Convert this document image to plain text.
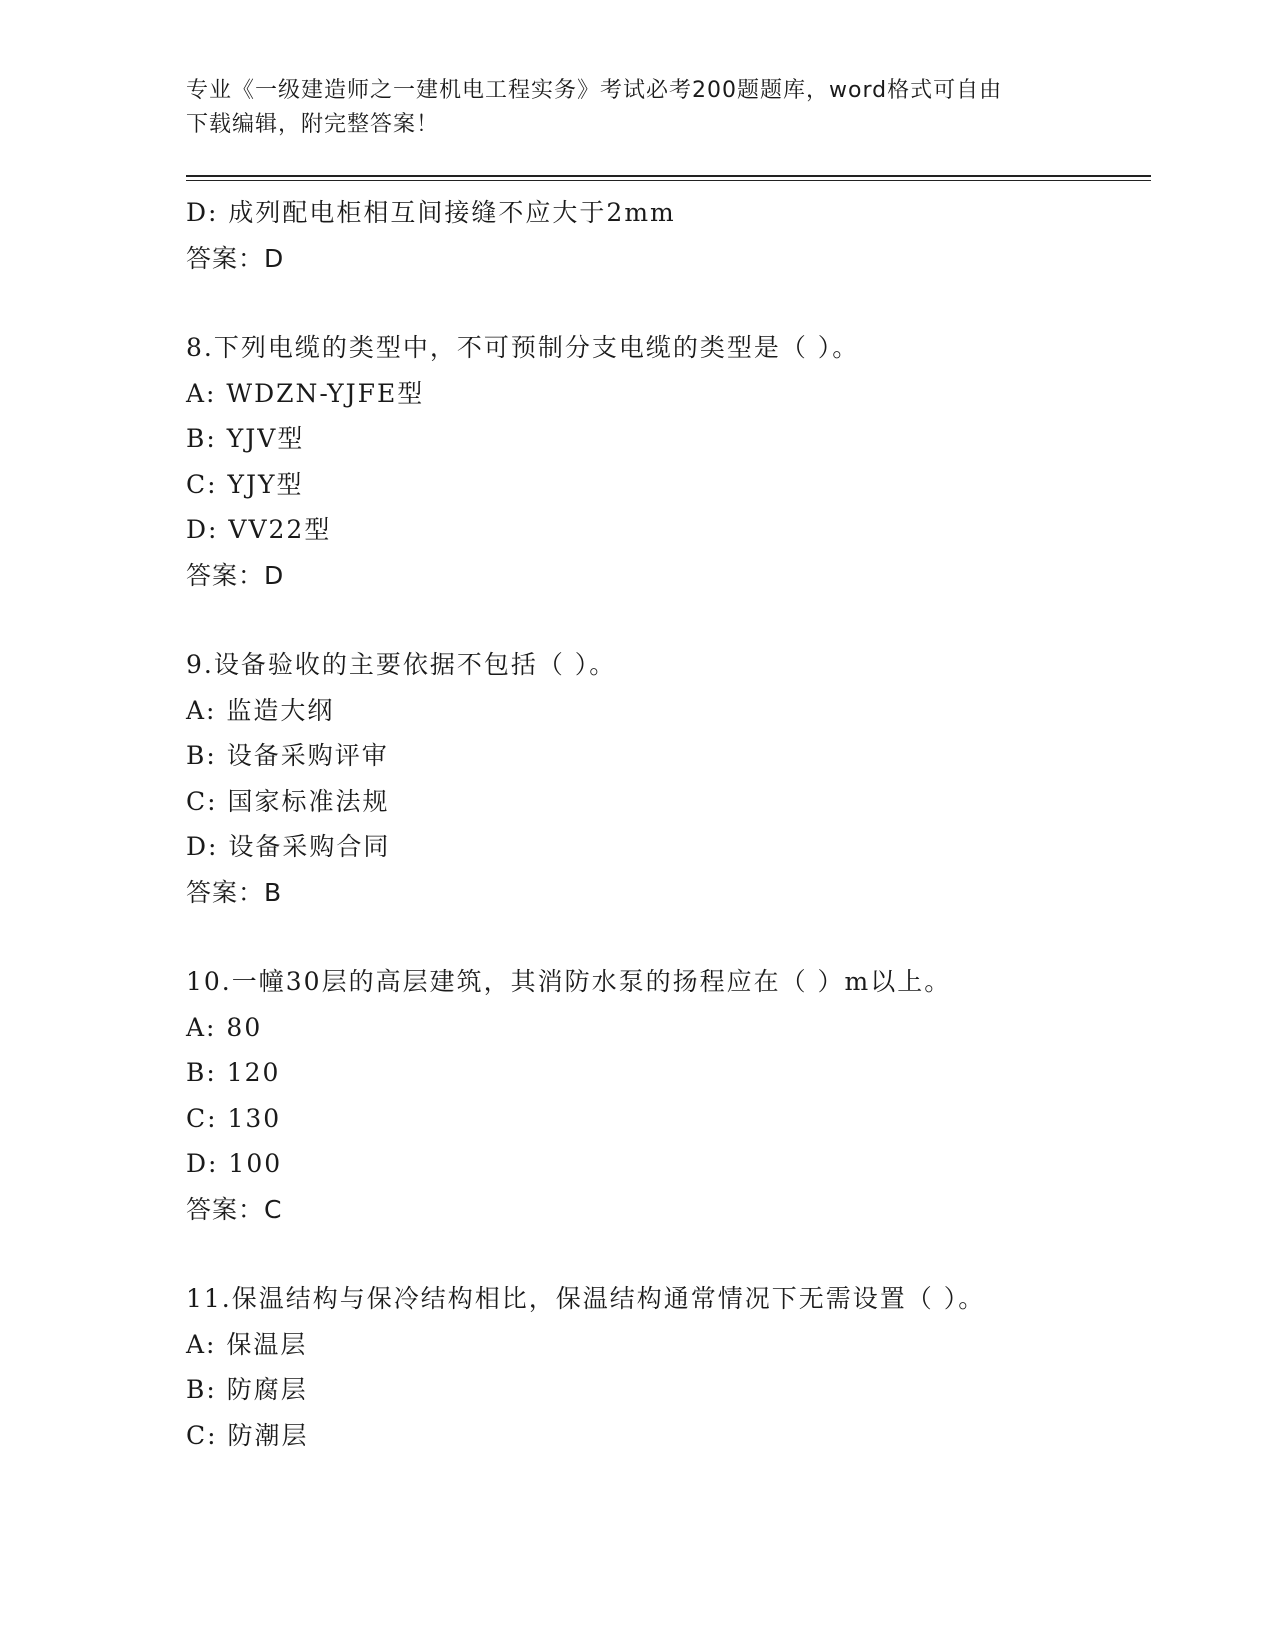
专业《一级建造师之一建机电工程实务》考试必考200题题库，word格式可自由
下载编辑，附完整答案！
D: 成列配电柜相互间接缝不应大于2mm
答案：D
8.下列电缆的类型中，不可预制分支电缆的类型是（ ）。
A: WDZN-YJFE型
B: YJV型
C: YJY型
D: VV22型
答案：D
9.设备验收的主要依据不包括（ ）。
A: 监造大纲
B: 设备采购评审
C: 国家标准法规
D: 设备采购合同
答案：B
10.一幢30层的高层建筑，其消防水泵的扬程应在（ ）m以上。
A: 80
B: 120
C: 130
D: 100
答案：C
11.保温结构与保冷结构相比，保温结构通常情况下无需设置（ ）。
A: 保温层
B: 防腐层
C: 防潮层
